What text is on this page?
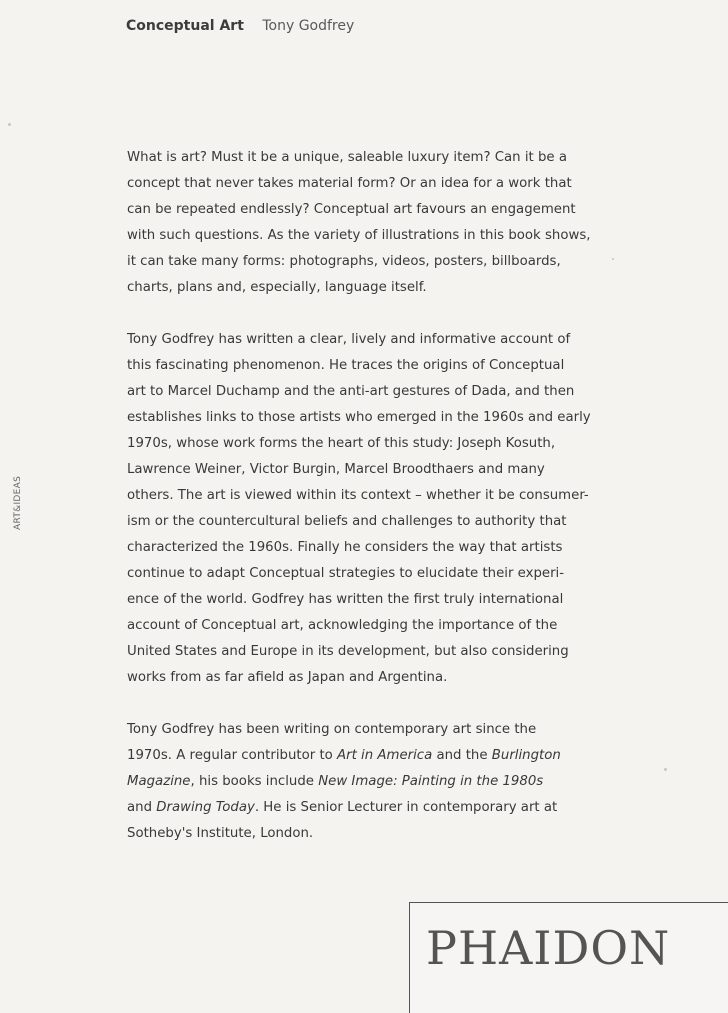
Conceptual Art Tony Godfrey
ART&IDEAS

What is art? Must it be a unique, saleable luxury item? Can it be a

concept that never takes material form? Or an idea for a work that

can be repeated endlessly? Conceptual art favours an engagement

with such questions. As the variety of illustrations in this book shows,

it can take many forms: photographs, videos, posters, billboards,

charts, plans and, especially, language itself.

Tony Godfrey has written a clear, lively and informative account of

this fascinating phenomenon. He traces the origins of Conceptual

art to Marcel Duchamp and the anti-art gestures of Dada, and then

establishes links to those artists who emerged in the 1960s and early

1970s, whose work forms the heart of this study: Joseph Kosuth,

Lawrence Weiner, Victor Burgin, Marcel Broodthaers and many

others. The art is viewed within its context – whether it be consumer-

ism or the countercultural beliefs and challenges to authority that

characterized the 1960s. Finally he considers the way that artists

continue to adapt Conceptual strategies to elucidate their experi-

ence of the world. Godfrey has written the first truly international

account of Conceptual art, acknowledging the importance of the

United States and Europe in its development, but also considering

works from as far afield as Japan and Argentina.

Tony Godfrey has been writing on contemporary art since the

1970s. A regular contributor to Art in America and the Burlington

Magazine, his books include New Image: Painting in the 1980s

and Drawing Today. He is Senior Lecturer in contemporary art at

Sotheby's Institute, London.

PHAIDON
